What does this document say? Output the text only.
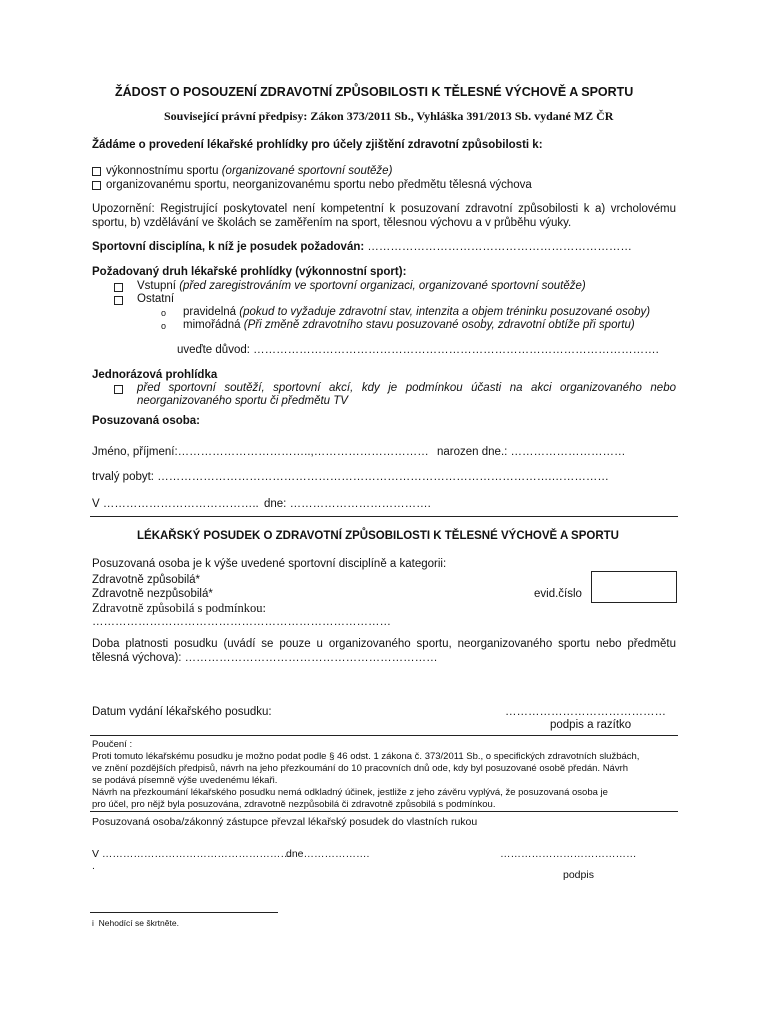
ŽÁDOST O POSOUZENÍ ZDRAVOTNÍ ZPŮSOBILOSTI K TĚLESNÉ VÝCHOVĚ A SPORTU
Související právní předpisy: Zákon 373/2011 Sb., Vyhláška 391/2013 Sb. vydané MZ ČR
Žádáme o provedení lékařské prohlídky pro účely zjištění zdravotní způsobilosti k:
výkonnostnímu sportu (organizované sportovní soutěže)
organizovanému sportu, neorganizovanému sportu nebo předmětu tělesná výchova
Upozornění: Registrující poskytovatel není kompetentní k posuzovaní zdravotní způsobilosti k a) vrcholovému
sportu, b) vzdělávání ve školách se zaměřením na sport, tělesnou výchovu a v průběhu výuky.
Sportovní disciplína, k níž je posudek požadován: ……………………………………………………………
Požadovaný druh lékařské prohlídky (výkonnostní sport):
Vstupní (před zaregistrováním ve sportovní organizaci, organizované sportovní soutěže)
Ostatní
o pravidelná (pokud to vyžaduje zdravotní stav, intenzita a objem tréninku posuzované osoby)
o mimořádná (Při změně zdravotního stavu posuzované osoby, zdravotní obtíže při sportu)
uveďte důvod: …………………………………………………………………………………………….
Jednorázová prohlídka
před sportovní soutěží, sportovní akcí, kdy je podmínkou účasti na akci organizovaného nebo
neorganizovaného sportu či předmětu TV
Posuzovaná osoba:
Jméno, příjmení:……………………………..,………………………… narozen dne.: …………………………
trvalý pobyt: ………………………………………………………………………………………….……………
V ………………………………….. dne: ……………………………….
LÉKAŘSKÝ POSUDEK O ZDRAVOTNÍ ZPŮSOBILOSTI K TĚLESNÉ VÝCHOVĚ A SPORTU
Posuzovaná osoba je k výše uvedené sportovní disciplíně a kategorii:
Zdravotně způsobilá*
Zdravotně nezpůsobilá*	evid.číslo
Zdravotně způsobilá s podmínkou:
……………………………………………………………………
Doba platnosti posudku (uvádí se pouze u organizovaného sportu, neorganizovaného sportu nebo předmětu
tělesná výchova): …………………………………………………………
Datum vydání lékařského posudku:	……………………………………
podpis a razítko
Poučení :
Proti tomuto lékařskému posudku je možno podat podle § 46 odst. 1 zákona č. 373/2011 Sb., o specifických zdravotních službách,
ve znění pozdějších předpisů, návrh na jeho přezkoumání do 10 pracovních dnů ode, kdy byl posuzované osobě předán. Návrh
se podává písemně výše uvedenému lékaři.
Návrh na přezkoumání lékařského posudku nemá odkladný účinek, jestliže z jeho závěru vyplývá, že posuzovaná osoba je
pro účel, pro nějž byla posuzována, zdravotně nezpůsobilá či zdravotně způsobilá s podmínkou.
Posuzovaná osoba/zákonný zástupce převzal lékařský posudek do vlastních rukou
V ………………………………………………
dne……………….	…………………………………
.
podpis
i Nehodící se škrtněte.
